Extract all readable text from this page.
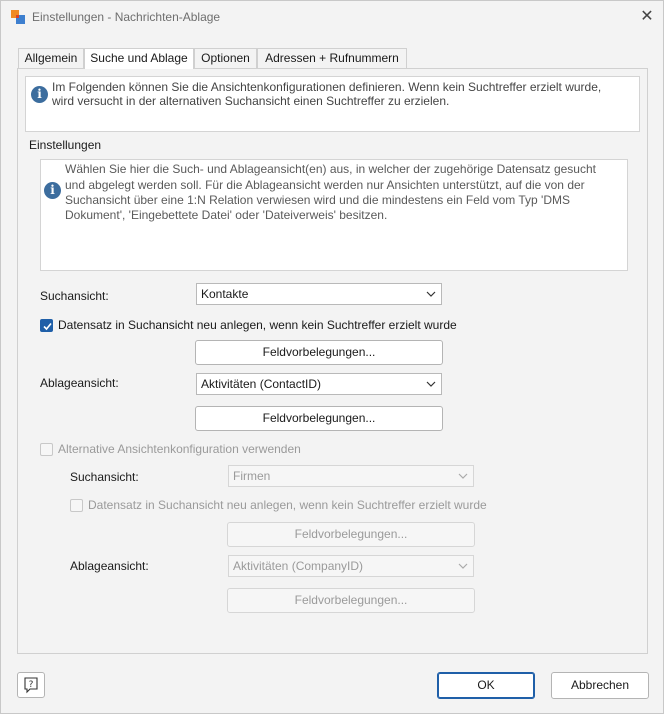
Einstellungen - Nachrichten-Ablage	✕
Allgemein	Suche und Ablage	Optionen	Adressen + Rufnummern
i Im Folgenden können Sie die Ansichtenkonfigurationen definieren. Wenn kein Suchtreffer erzielt wurde,
wird versucht in der alternativen Suchansicht einen Suchtreffer zu erzielen.
Einstellungen
i
Wählen Sie hier die Such- und Ablageansicht(en) aus, in welcher der zugehörige Datensatz gesucht
und abgelegt werden soll. Für die Ablageansicht werden nur Ansichten unterstützt, auf die von der
Suchansicht über eine 1:N Relation verwiesen wird und die mindestens ein Feld vom Typ 'DMS
Dokument', 'Eingebettete Datei' oder 'Dateiverweis' besitzen.
Suchansicht:	Kontakte
Datensatz in Suchansicht neu anlegen, wenn kein Suchtreffer erzielt wurde
Feldvorbelegungen...
Ablageansicht:	Aktivitäten (ContactID)
Feldvorbelegungen...
Alternative Ansichtenkonfiguration verwenden
Suchansicht:	Firmen
Datensatz in Suchansicht neu anlegen, wenn kein Suchtreffer erzielt wurde
Feldvorbelegungen...
Ablageansicht:	Aktivitäten (CompanyID)
Feldvorbelegungen...
?	OK	Abbrechen
